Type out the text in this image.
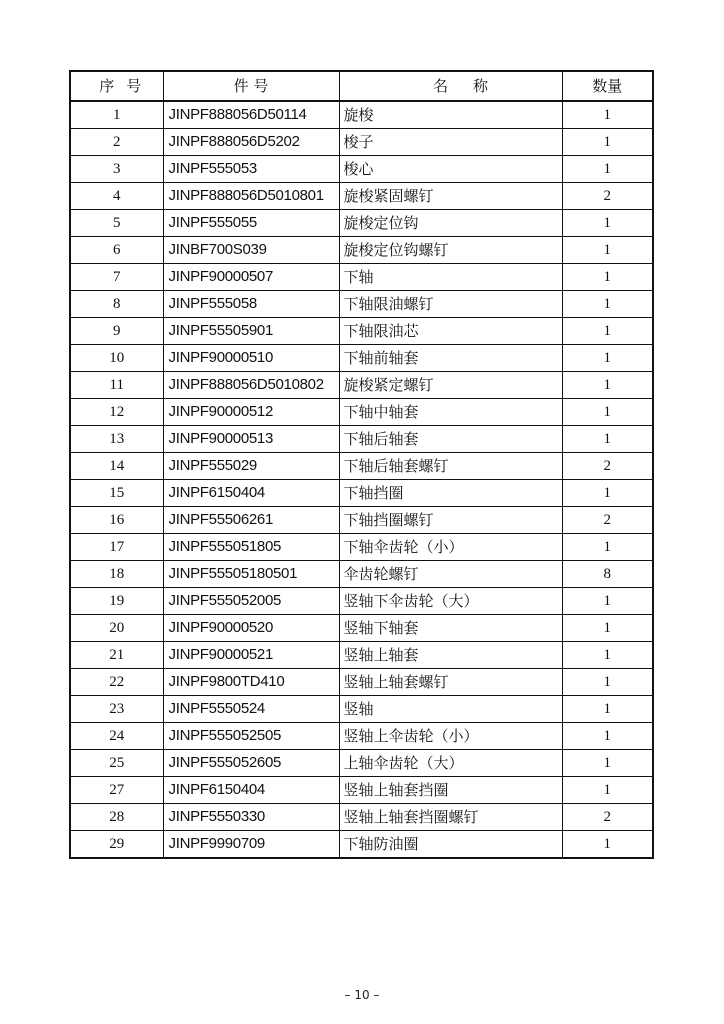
序 号	件 号	名 称	数量
1	JINPF888056D50114	旋梭	1
2	JINPF888056D5202	梭子	1
3	JINPF555053	梭心	1
4	JINPF888056D5010801	旋梭紧固螺钉	2
5	JINPF555055	旋梭定位钩	1
6	JINBF700S039	旋梭定位钩螺钉	1
7	JINPF90000507	下轴	1
8	JINPF555058	下轴限油螺钉	1
9	JINPF55505901	下轴限油芯	1
10	JINPF90000510	下轴前轴套	1
11	JINPF888056D5010802	旋梭紧定螺钉	1
12	JINPF90000512	下轴中轴套	1
13	JINPF90000513	下轴后轴套	1
14	JINPF555029	下轴后轴套螺钉	2
15	JINPF6150404	下轴挡圈	1
16	JINPF55506261	下轴挡圈螺钉	2
17	JINPF555051805	下轴伞齿轮（小）	1
18	JINPF55505180501	伞齿轮螺钉	8
19	JINPF555052005	竖轴下伞齿轮（大）	1
20	JINPF90000520	竖轴下轴套	1
21	JINPF90000521	竖轴上轴套	1
22	JINPF9800TD410	竖轴上轴套螺钉	1
23	JINPF5550524	竖轴	1
24	JINPF555052505	竖轴上伞齿轮（小）	1
25	JINPF555052605	上轴伞齿轮（大）	1
27	JINPF6150404	竖轴上轴套挡圈	1
28	JINPF5550330	竖轴上轴套挡圈螺钉	2
29	JINPF9990709	下轴防油圈	1
– 10 –
